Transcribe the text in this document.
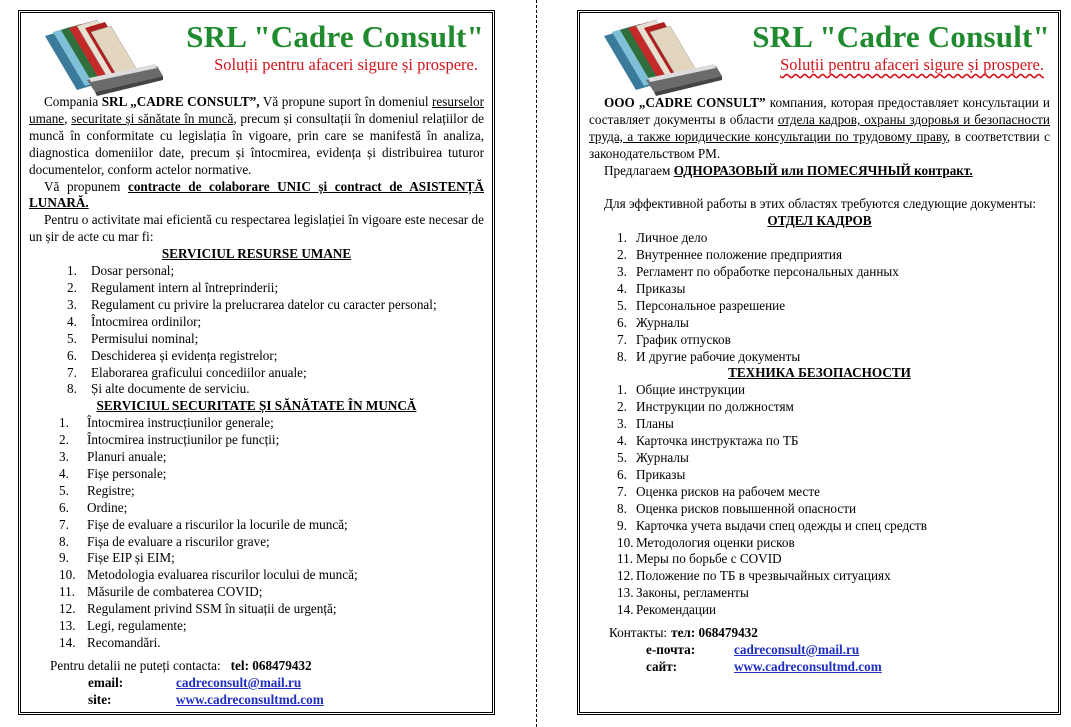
SRL "Cadre Consult"
Soluții pentru afaceri sigure și prospere.

Compania SRL „CADRE CONSULT”, Vă propune suport în domeniul resurselor umane, securitate și sănătate în muncă, precum și consultații în domeniul relațiilor de muncă în conformitate cu legislația în vigoare, prin care se manifestă în analiza, diagnostica domeniilor date, precum și întocmirea, evidența și distribuirea tuturor documentelor, conform actelor normative.

Vă propunem contracte de colaborare UNIC și contract de ASISTENȚĂ LUNARĂ.

Pentru o activitate mai eficientă cu respectarea legislației în vigoare este necesar de un șir de acte cu mar fi:

SERVICIUL RESURSE UMANE

1. Dosar personal;
2. Regulament intern al întreprinderii;
3. Regulament cu privire la prelucrarea datelor cu caracter personal;
4. Întocmirea ordinilor;
5. Permisului nominal;
6. Deschiderea și evidența registrelor;
7. Elaborarea graficului concediilor anuale;
8. Și alte documente de serviciu.

SERVICIUL SECURITATE ȘI SĂNĂTATE ÎN MUNCĂ

1. Întocmirea instrucțiunilor generale;
2. Întocmirea instrucțiunilor pe funcții;
3. Planuri anuale;
4. Fișe personale;
5. Registre;
6. Ordine;
7. Fișe de evaluare a riscurilor la locurile de muncă;
8. Fișa de evaluare a riscurilor grave;
9. Fișe EIP și EIM;
10. Metodologia evaluarea riscurilor locului de muncă;
11. Măsurile de combaterea COVID;
12. Regulament privind SSM în situații de urgență;
13. Legi, regulamente;
14. Recomandări.
Pentru detalii ne puteți contacta: tel: 068479432
email:	cadreconsult@mail.ru
site:	www.cadreconsultmd.com
SRL "Cadre Consult"
Soluții pentru afaceri sigure și prospere.

ООО „CADRE CONSULT” компания, которая предоставляет консультации и составляет документы в области отдела кадров, охраны здоровья и безопасности труда, а также юридические консультации по трудовому праву, в соответствии с законодательством РМ.

Предлагаем ОДНОРАЗОВЫЙ или ПОМЕСЯЧНЫЙ контракт.

Для эффективной работы в этих областях требуются следующие документы:

ОТДЕЛ КАДРОВ

1. Личное дело
2. Внутреннее положение предприятия
3. Регламент по обработке персональных данных
4. Приказы
5. Персональное разрешение
6. Журналы
7. График отпусков
8. И другие рабочие документы

ТЕХНИКА БЕЗОПАСНОСТИ

1. Общие инструкции
2. Инструкции по должностям
3. Планы
4. Карточка инструктажа по ТБ
5. Журналы
6. Приказы
7. Оценка рисков на рабочем месте
8. Оценка рисков повышенной опасности
9. Карточка учета выдачи спец одежды и спец средств
10. Методология оценки рисков
11. Меры по борьбе с COVID
12. Положение по ТБ в чрезвычайных ситуациях
13. Законы, регламенты
14. Рекомендации
Контакты: тел: 068479432
е-почта:	cadreconsult@mail.ru
сайт:	www.cadreconsultmd.com
